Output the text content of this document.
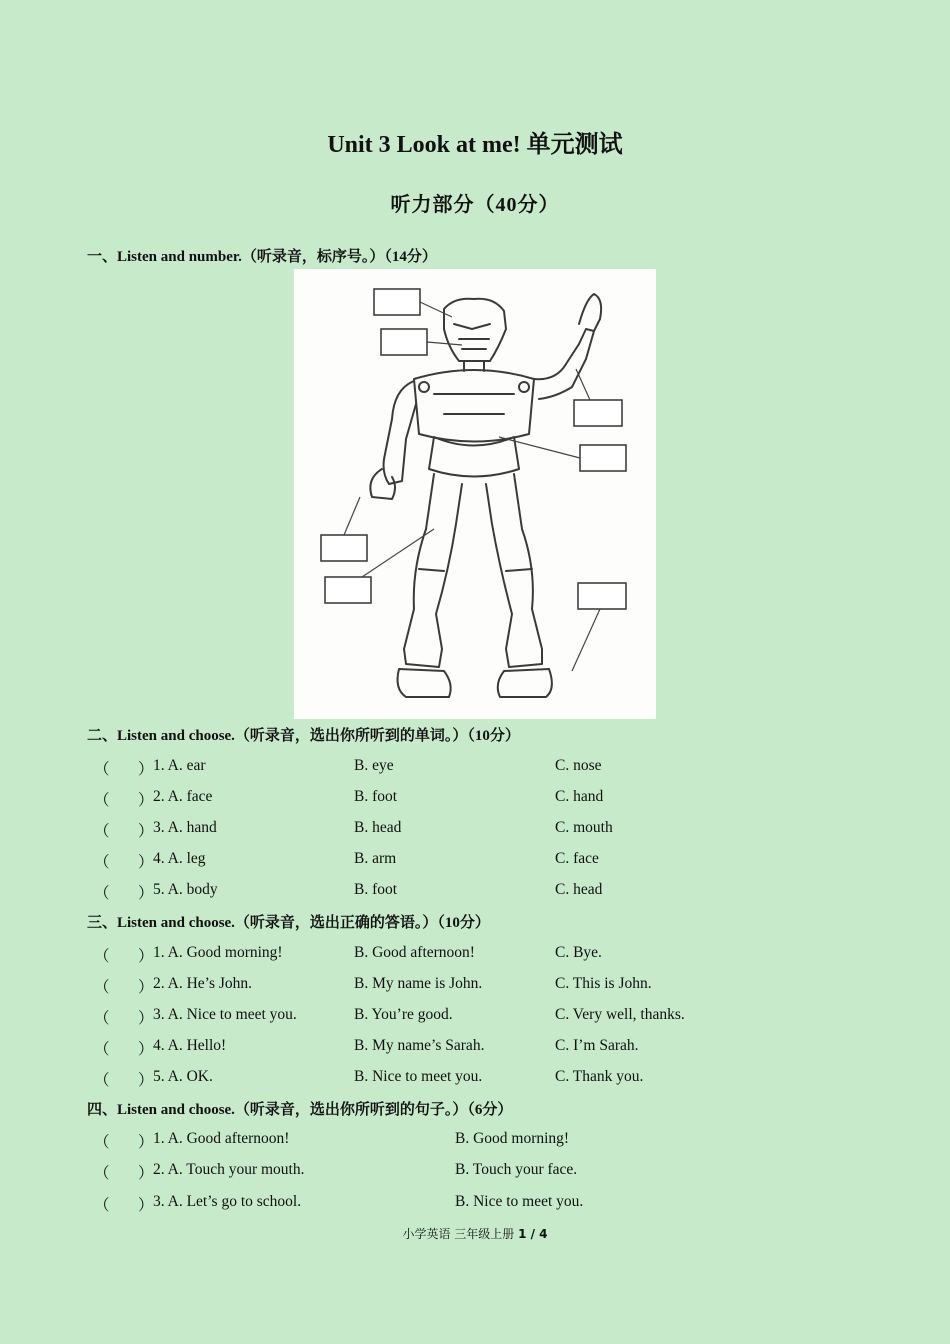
Unit 3 Look at me! 单元测试
听力部分（40分）
一、Listen and number.（听录音，标序号。）（14分）
二、Listen and choose.（听录音，选出你所听到的单词。）（10分）
（ ） 1. A. ear	B. eye	C. nose
（ ） 2. A. face	B. foot	C. hand
（ ） 3. A. hand	B. head	C. mouth
（ ） 4. A. leg	B. arm	C. face
（ ） 5. A. body	B. foot	C. head
三、Listen and choose.（听录音，选出正确的答语。）（10分）
（ ） 1. A. Good morning!	B. Good afternoon!	C. Bye.
（ ） 2. A. He’s John.	B. My name is John.	C. This is John.
（ ） 3. A. Nice to meet you.	B. You’re good.	C. Very well, thanks.
（ ） 4. A. Hello!	B. My name’s Sarah.	C. I’m Sarah.
（ ） 5. A. OK.	B. Nice to meet you.	C. Thank you.
四、Listen and choose.（听录音，选出你所听到的句子。）（6分）
（ ） 1. A. Good afternoon!	B. Good morning!
（ ） 2. A. Touch your mouth.	B. Touch your face.
（ ） 3. A. Let’s go to school.	B. Nice to meet you.
小学英语 三年级上册 1 / 4
